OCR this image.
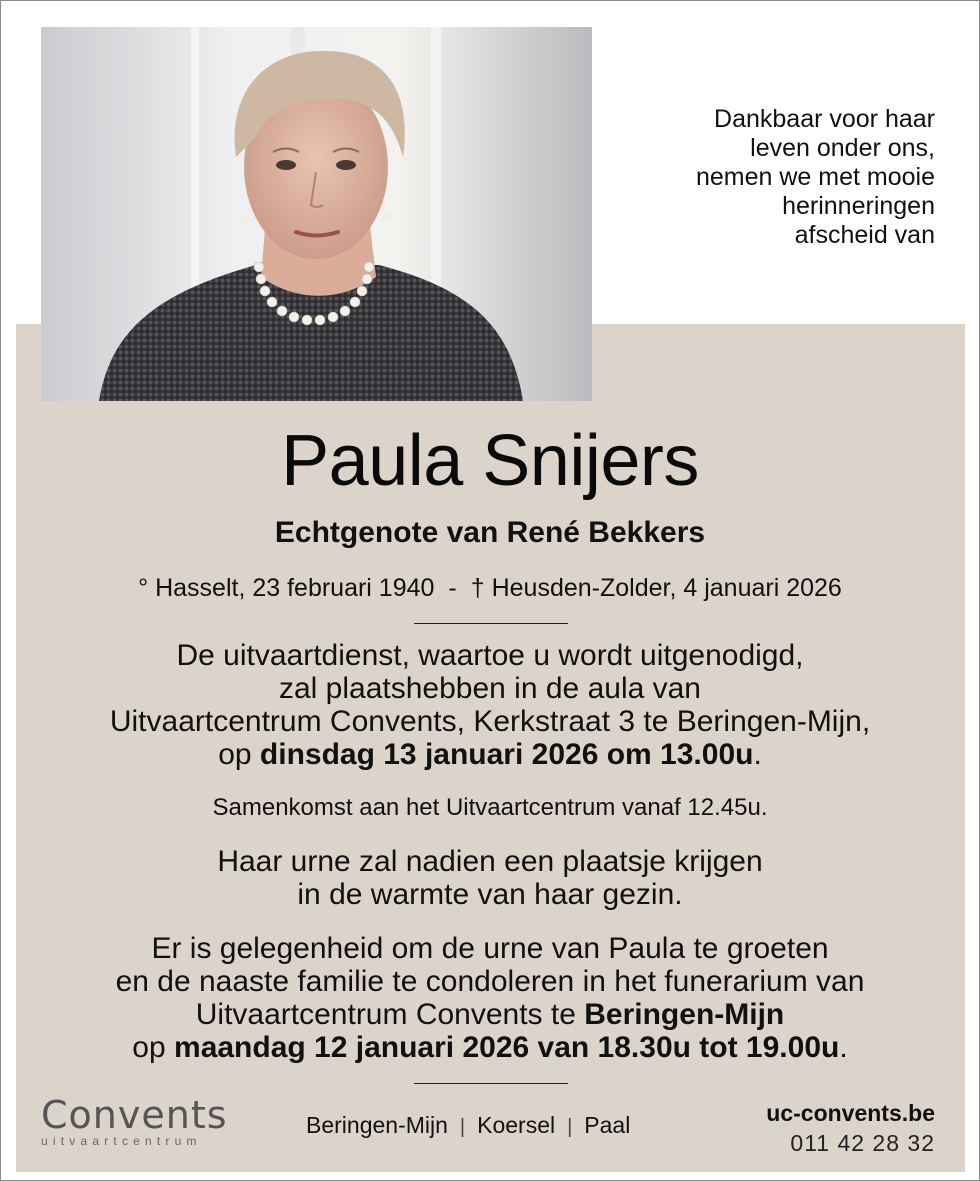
Dankbaar voor haar
leven onder ons,
nemen we met mooie
herinneringen
afscheid van
Paula Snijers
Echtgenote van René Bekkers
° Hasselt, 23 februari 1940 - † Heusden-Zolder, 4 januari 2026
De uitvaartdienst, waartoe u wordt uitgenodigd,
zal plaatshebben in de aula van
Uitvaartcentrum Convents, Kerkstraat 3 te Beringen-Mijn,
op dinsdag 13 januari 2026 om 13.00u.
Samenkomst aan het Uitvaartcentrum vanaf 12.45u.
Haar urne zal nadien een plaatsje krijgen
in de warmte van haar gezin.
Er is gelegenheid om de urne van Paula te groeten
en de naaste familie te condoleren in het funerarium van
Uitvaartcentrum Convents te Beringen-Mijn
op maandag 12 januari 2026 van 18.30u tot 19.00u.
Convents
uitvaartcentrum
Beringen-Mijn | Koersel | Paal	uc-convents.be
011 42 28 32
